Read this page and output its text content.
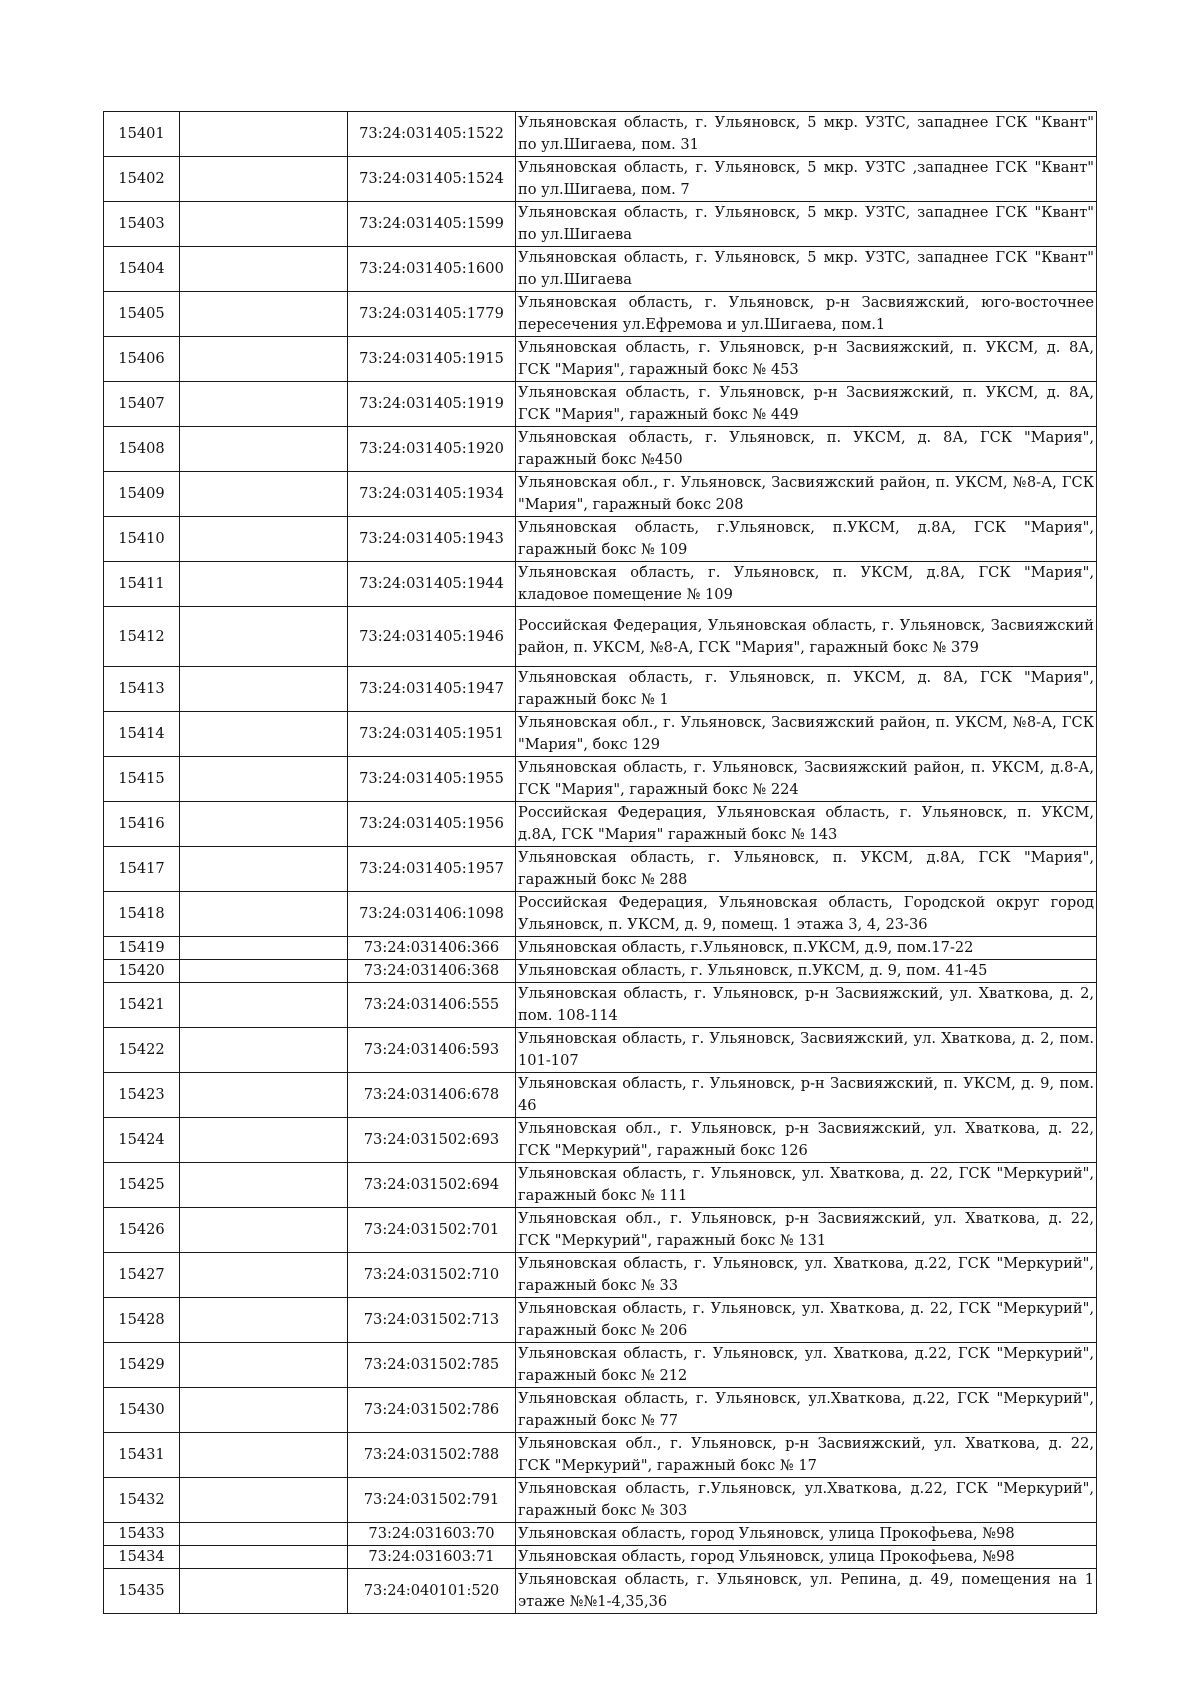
15401		73:24:031405:1522	Ульяновская область, г. Ульяновск, 5 мкр. УЗТС, западнее ГСК "Квант" по ул.Шигаева, пом. 31
15402		73:24:031405:1524	Ульяновская область, г. Ульяновск, 5 мкр. УЗТС ,западнее ГСК "Квант" по ул.Шигаева, пом. 7
15403		73:24:031405:1599	Ульяновская область, г. Ульяновск, 5 мкр. УЗТС, западнее ГСК "Квант" по ул.Шигаева
15404		73:24:031405:1600	Ульяновская область, г. Ульяновск, 5 мкр. УЗТС, западнее ГСК "Квант" по ул.Шигаева
15405		73:24:031405:1779	Ульяновская область, г. Ульяновск, р-н Засвияжский, юго-восточнее пересечения ул.Ефремова и ул.Шигаева, пом.1
15406		73:24:031405:1915	Ульяновская область, г. Ульяновск, р-н Засвияжский, п. УКСМ, д. 8А, ГСК "Мария", гаражный бокс № 453
15407		73:24:031405:1919	Ульяновская область, г. Ульяновск, р-н Засвияжский, п. УКСМ, д. 8А, ГСК "Мария", гаражный бокс № 449
15408		73:24:031405:1920	Ульяновская область, г. Ульяновск, п. УКСМ, д. 8А, ГСК "Мария", гаражный бокс №450
15409		73:24:031405:1934	Ульяновская обл., г. Ульяновск, Засвияжский район, п. УКСМ, №8-А, ГСК "Мария", гаражный бокс 208
15410		73:24:031405:1943	Ульяновская область, г.Ульяновск, п.УКСМ, д.8А, ГСК "Мария", гаражный бокс № 109
15411		73:24:031405:1944	Ульяновская область, г. Ульяновск, п. УКСМ, д.8А, ГСК "Мария", кладовое помещение № 109
15412		73:24:031405:1946	Российская Федерация, Ульяновская область, г. Ульяновск, Засвияжский район, п. УКСМ, №8-А, ГСК "Мария", гаражный бокс № 379
15413		73:24:031405:1947	Ульяновская область, г. Ульяновск, п. УКСМ, д. 8А, ГСК "Мария", гаражный бокс № 1
15414		73:24:031405:1951	Ульяновская обл., г. Ульяновск, Засвияжский район, п. УКСМ, №8-А, ГСК "Мария", бокс 129
15415		73:24:031405:1955	Ульяновская область, г. Ульяновск, Засвияжский район, п. УКСМ, д.8-А, ГСК "Мария", гаражный бокс № 224
15416		73:24:031405:1956	Российская Федерация, Ульяновская область, г. Ульяновск, п. УКСМ, д.8А, ГСК "Мария" гаражный бокс № 143
15417		73:24:031405:1957	Ульяновская область, г. Ульяновск, п. УКСМ, д.8А, ГСК "Мария", гаражный бокс № 288
15418		73:24:031406:1098	Российская Федерация, Ульяновская область, Городской округ город Ульяновск, п. УКСМ, д. 9, помещ. 1 этажа 3, 4, 23-36
15419		73:24:031406:366	Ульяновская область, г.Ульяновск, п.УКСМ, д.9, пом.17-22
15420		73:24:031406:368	Ульяновская область, г. Ульяновск, п.УКСМ, д. 9, пом. 41-45
15421		73:24:031406:555	Ульяновская область, г. Ульяновск, р-н Засвияжский, ул. Хваткова, д. 2, пом. 108-114
15422		73:24:031406:593	Ульяновская область, г. Ульяновск, Засвияжский, ул. Хваткова, д. 2, пом. 101-107
15423		73:24:031406:678	Ульяновская область, г. Ульяновск, р-н Засвияжский, п. УКСМ, д. 9, пом. 46
15424		73:24:031502:693	Ульяновская обл., г. Ульяновск, р-н Засвияжский, ул. Хваткова, д. 22, ГСК "Меркурий", гаражный бокс 126
15425		73:24:031502:694	Ульяновская область, г. Ульяновск, ул. Хваткова, д. 22, ГСК "Меркурий", гаражный бокс № 111
15426		73:24:031502:701	Ульяновская обл., г. Ульяновск, р-н Засвияжский, ул. Хваткова, д. 22, ГСК "Меркурий", гаражный бокс № 131
15427		73:24:031502:710	Ульяновская область, г. Ульяновск, ул. Хваткова, д.22, ГСК "Меркурий", гаражный бокс № 33
15428		73:24:031502:713	Ульяновская область, г. Ульяновск, ул. Хваткова, д. 22, ГСК "Меркурий", гаражный бокс № 206
15429		73:24:031502:785	Ульяновская область, г. Ульяновск, ул. Хваткова, д.22, ГСК "Меркурий", гаражный бокс № 212
15430		73:24:031502:786	Ульяновская область, г. Ульяновск, ул.Хваткова, д.22, ГСК "Меркурий", гаражный бокс № 77
15431		73:24:031502:788	Ульяновская обл., г. Ульяновск, р-н Засвияжский, ул. Хваткова, д. 22, ГСК "Меркурий", гаражный бокс № 17
15432		73:24:031502:791	Ульяновская область, г.Ульяновск, ул.Хваткова, д.22, ГСК "Меркурий", гаражный бокс № 303
15433		73:24:031603:70	Ульяновская область, город Ульяновск, улица Прокофьева, №98
15434		73:24:031603:71	Ульяновская область, город Ульяновск, улица Прокофьева, №98
15435		73:24:040101:520	Ульяновская область, г. Ульяновск, ул. Репина, д. 49, помещения на 1 этаже №№1-4,35,36
